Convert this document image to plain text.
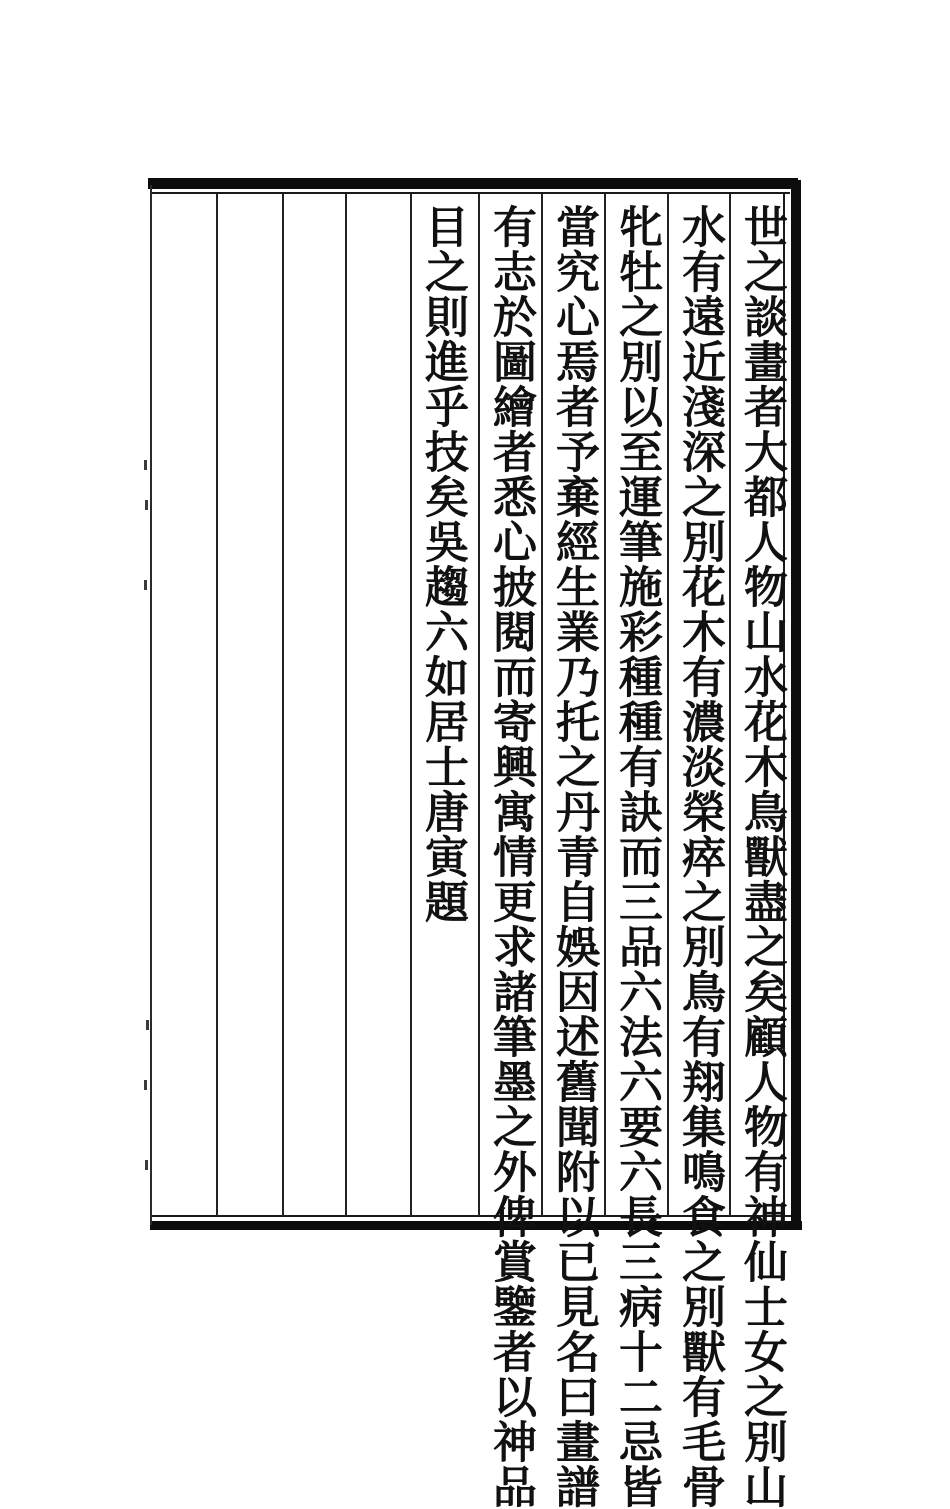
世之談畫者大都人物山水花木鳥獸盡之矣顧人物有神仙士女之別山

水有遠近淺深之別花木有濃淡榮瘁之別鳥有翔集鳴食之別獸有毛骨

牝牡之別以至運筆施彩種種有訣而三品六法六要六長三病十二忌皆

當究心焉者予棄經生業乃托之丹青自娛因述舊聞附以已見名曰畫譜

有志於圖繪者悉心披閱而寄興寓情更求諸筆墨之外俾賞鑒者以神品

目之則進乎技矣吳趨六如居士唐寅題
